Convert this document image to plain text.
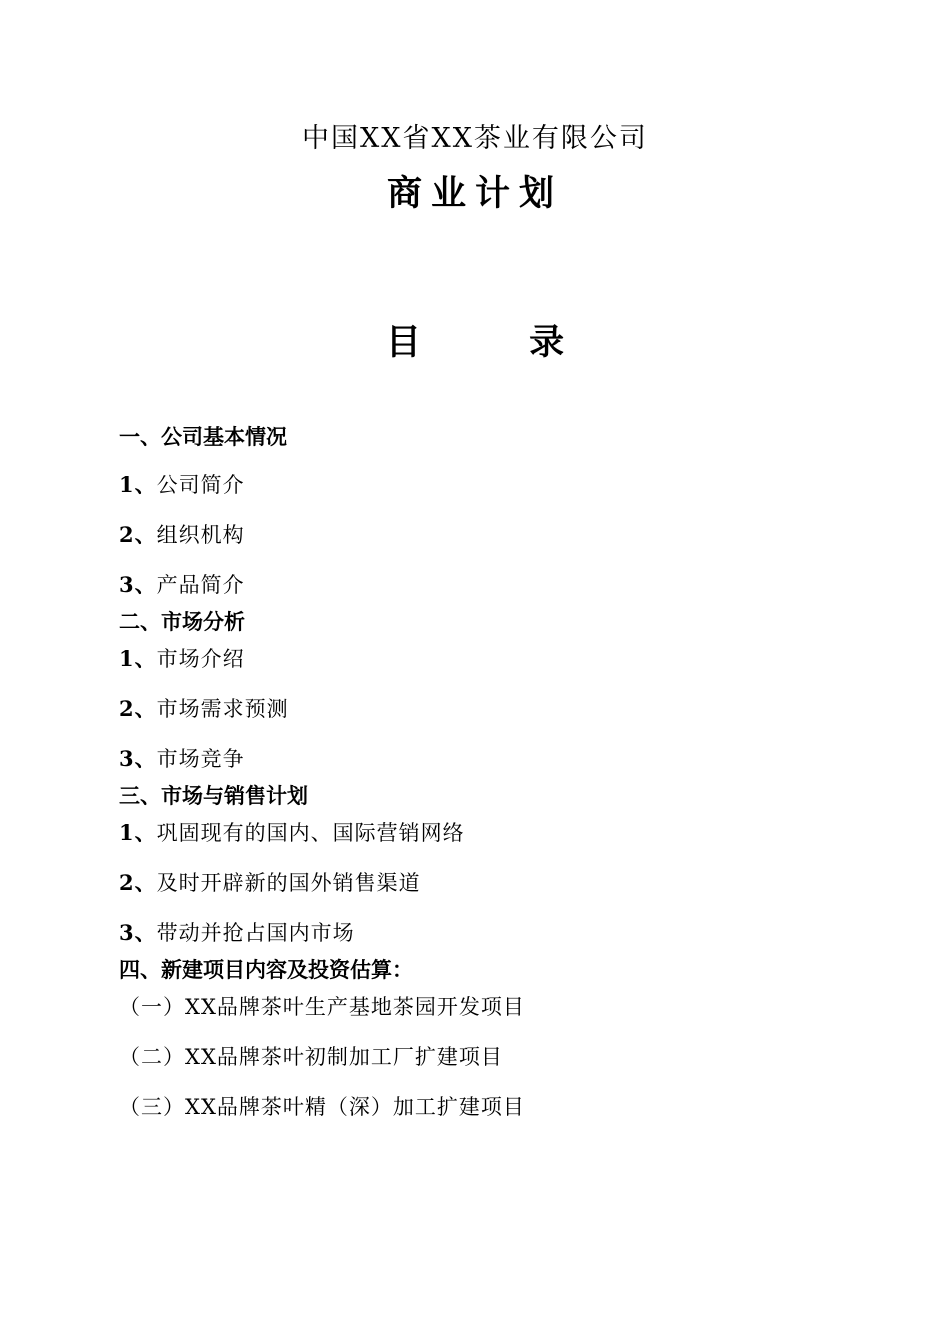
中国XX省XX茶业有限公司
商业计划
目 录
一、公司基本情况
1、公司简介
2、组织机构
3、产品简介
二、市场分析
1、市场介绍
2、市场需求预测
3、市场竞争
三、市场与销售计划
1、巩固现有的国内、国际营销网络
2、及时开辟新的国外销售渠道
3、带动并抢占国内市场
四、新建项目内容及投资估算：
（一）XX品牌茶叶生产基地茶园开发项目
（二）XX品牌茶叶初制加工厂扩建项目
（三）XX品牌茶叶精（深）加工扩建项目
